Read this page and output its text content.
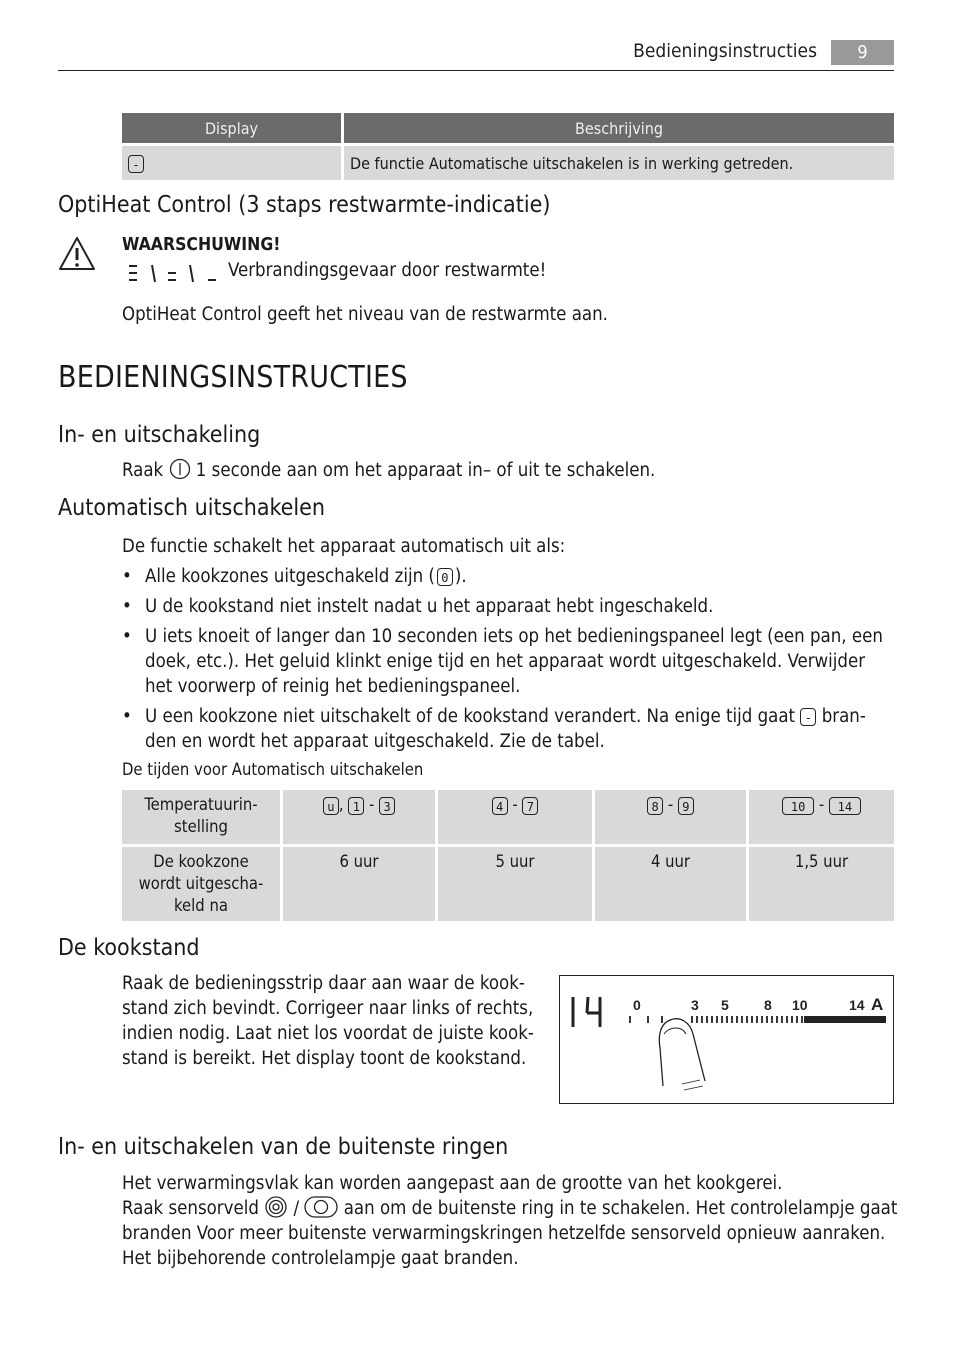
Bedieningsinstructies	9
Display		Beschrijving
-		De functie Automatische uitschakelen is in werking getreden.
OptiHeat Control (3 staps restwarmte-indicatie)
WAARSCHUWING!
Verbrandingsgevaar door restwarmte!
OptiHeat Control geeft het niveau van de restwarmte aan.
BEDIENINGSINSTRUCTIES
In- en uitschakeling
Raak 1 seconde aan om het apparaat in– of uit te schakelen.
Automatisch uitschakelen
De functie schakelt het apparaat automatisch uit als:
• Alle kookzones uitgeschakeld zijn ( 0 ).
• U de kookstand niet instelt nadat u het apparaat hebt ingeschakeld.
• U iets knoeit of langer dan 10 seconden iets op het bedieningspaneel legt (een pan, een
doek, etc.). Het geluid klinkt enige tijd en het apparaat wordt uitgeschakeld. Verwijder
het voorwerp of reinig het bedieningspaneel.
• U een kookzone niet uitschakelt of de kookstand verandert. Na enige tijd gaat - bran-
den en wordt het apparaat uitgeschakeld. Zie de tabel.
De tijden voor Automatisch uitschakelen
Temperatuurin-
stelling		u , 1 - 3		4 - 7		8 - 9		10 - 14

De kookzone
wordt uitgescha-
keld na		6 uur		5 uur		4 uur		1,5 uur
De kookstand
Raak de bedieningsstrip daar aan waar de kook-
stand zich bevindt. Corrigeer naar links of rechts,
indien nodig. Laat niet los voordat de juiste kook-
stand is bereikt. Het display toont de kookstand.
0	3 5	8 10	14 A
In- en uitschakelen van de buitenste ringen
Het verwarmingsvlak kan worden aangepast aan de grootte van het kookgerei.
Raak sensorveld / aan om de buitenste ring in te schakelen. Het controlelampje gaat
branden Voor meer buitenste verwarmingskringen hetzelfde sensorveld opnieuw aanraken.
Het bijbehorende controlelampje gaat branden.
